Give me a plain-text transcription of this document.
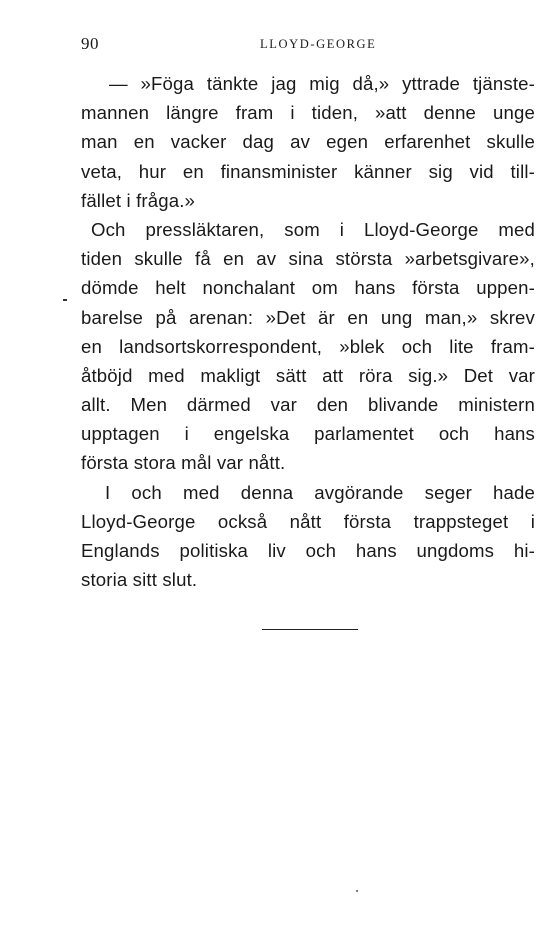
90	LLOYD-GEORGE
— »Föga tänkte jag mig då,» yttrade tjänste-
mannen längre fram i tiden, »att denne unge
man en vacker dag av egen erfarenhet skulle
veta, hur en finansminister känner sig vid till-
fället i fråga.»
Och pressläktaren, som i Lloyd-George med
tiden skulle få en av sina största »arbetsgivare»,
dömde helt nonchalant om hans första uppen-
barelse på arenan: »Det är en ung man,» skrev
en landsortskorrespondent, »blek och lite fram-
åtböjd med makligt sätt att röra sig.» Det var
allt. Men därmed var den blivande ministern
upptagen i engelska parlamentet och hans
första stora mål var nått.
I och med denna avgörande seger hade
Lloyd-George också nått första trappsteget i
Englands politiska liv och hans ungdoms hi-
storia sitt slut.
